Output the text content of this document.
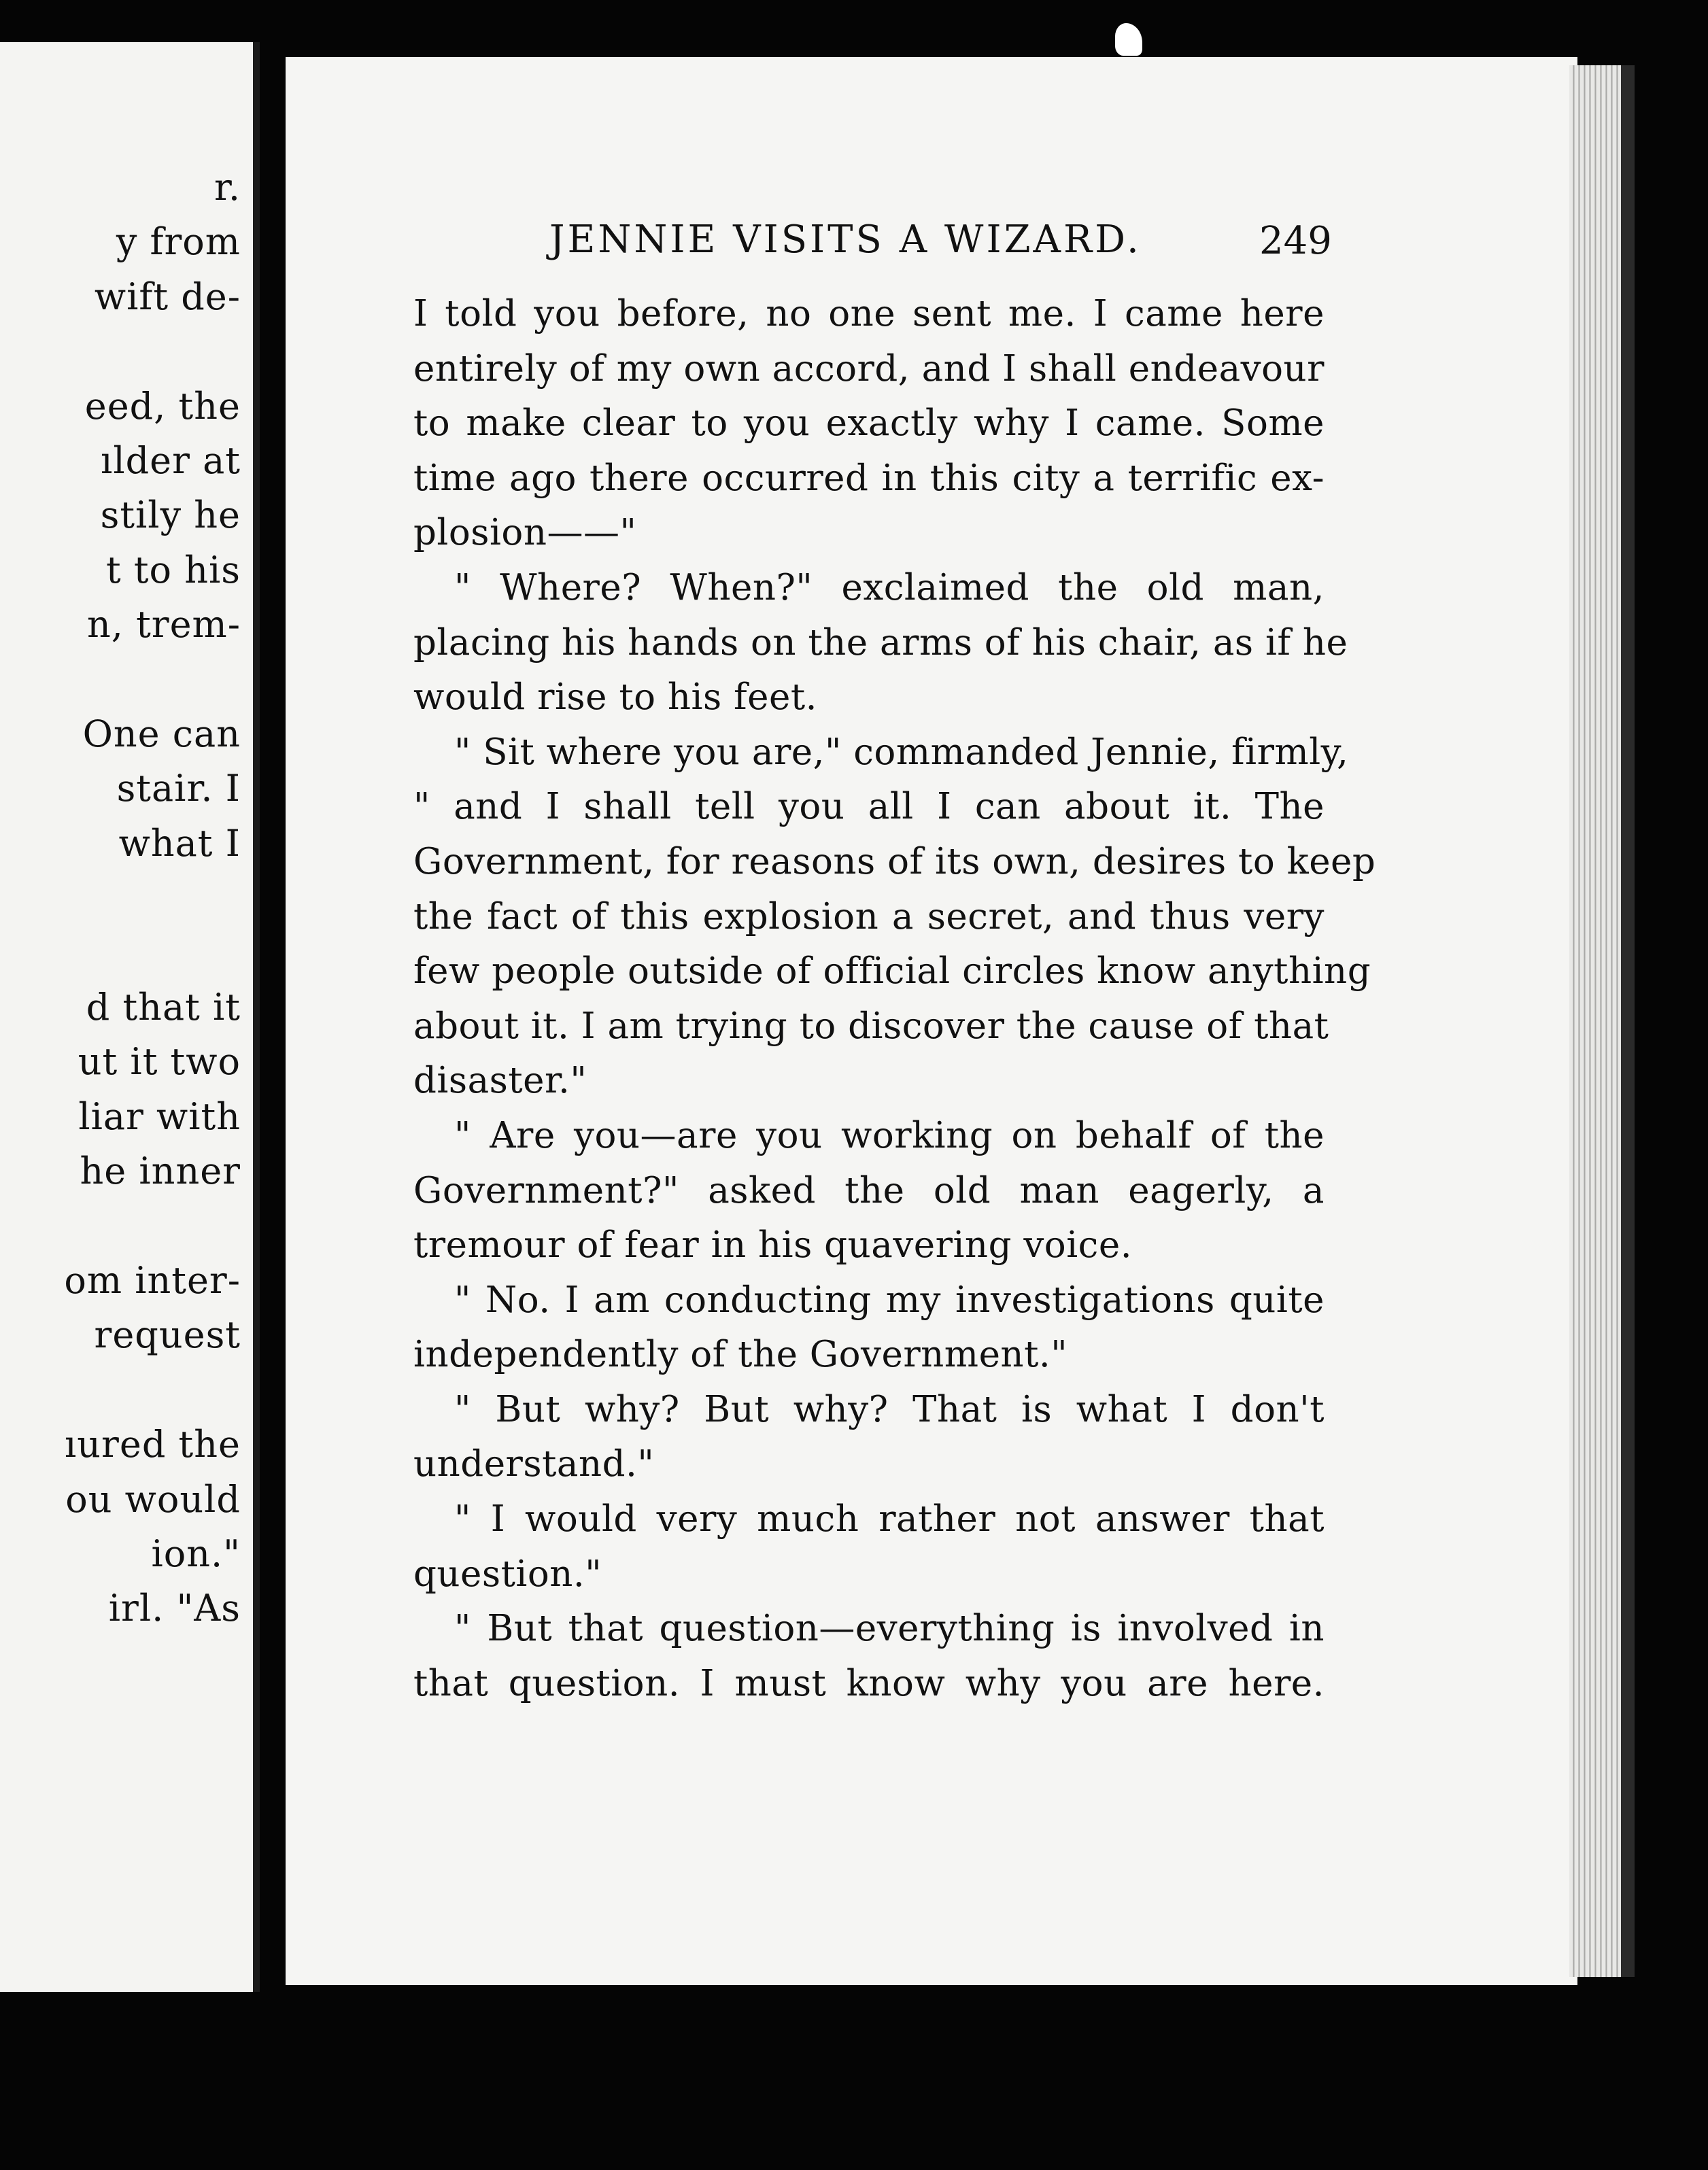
r.
y from
wift de-
eed, the
ılder at
stily he
t to his
n, trem-
One can
stair. I
what I
d that it
ut it two
liar with
he inner
om inter-
request
ıured the
ou would
ion."
irl. "As
JENNIE VISITS A WIZARD.	249
I told you before, no one sent me. I came here
entirely of my own accord, and I shall endeavour
to make clear to you exactly why I came. Some
time ago there occurred in this city a terrific ex-
plosion——"
" Where? When?" exclaimed the old man,
placing his hands on the arms of his chair, as if he
would rise to his feet.
" Sit where you are," commanded Jennie, firmly,
" and I shall tell you all I can about it. The
Government, for reasons of its own, desires to keep
the fact of this explosion a secret, and thus very
few people outside of official circles know anything
about it. I am trying to discover the cause of that
disaster."
" Are you—are you working on behalf of the
Government?" asked the old man eagerly, a
tremour of fear in his quavering voice.
" No. I am conducting my investigations quite
independently of the Government."
" But why? But why? That is what I don't
understand."
" I would very much rather not answer that
question."
" But that question—everything is involved in
that question. I must know why you are here.
